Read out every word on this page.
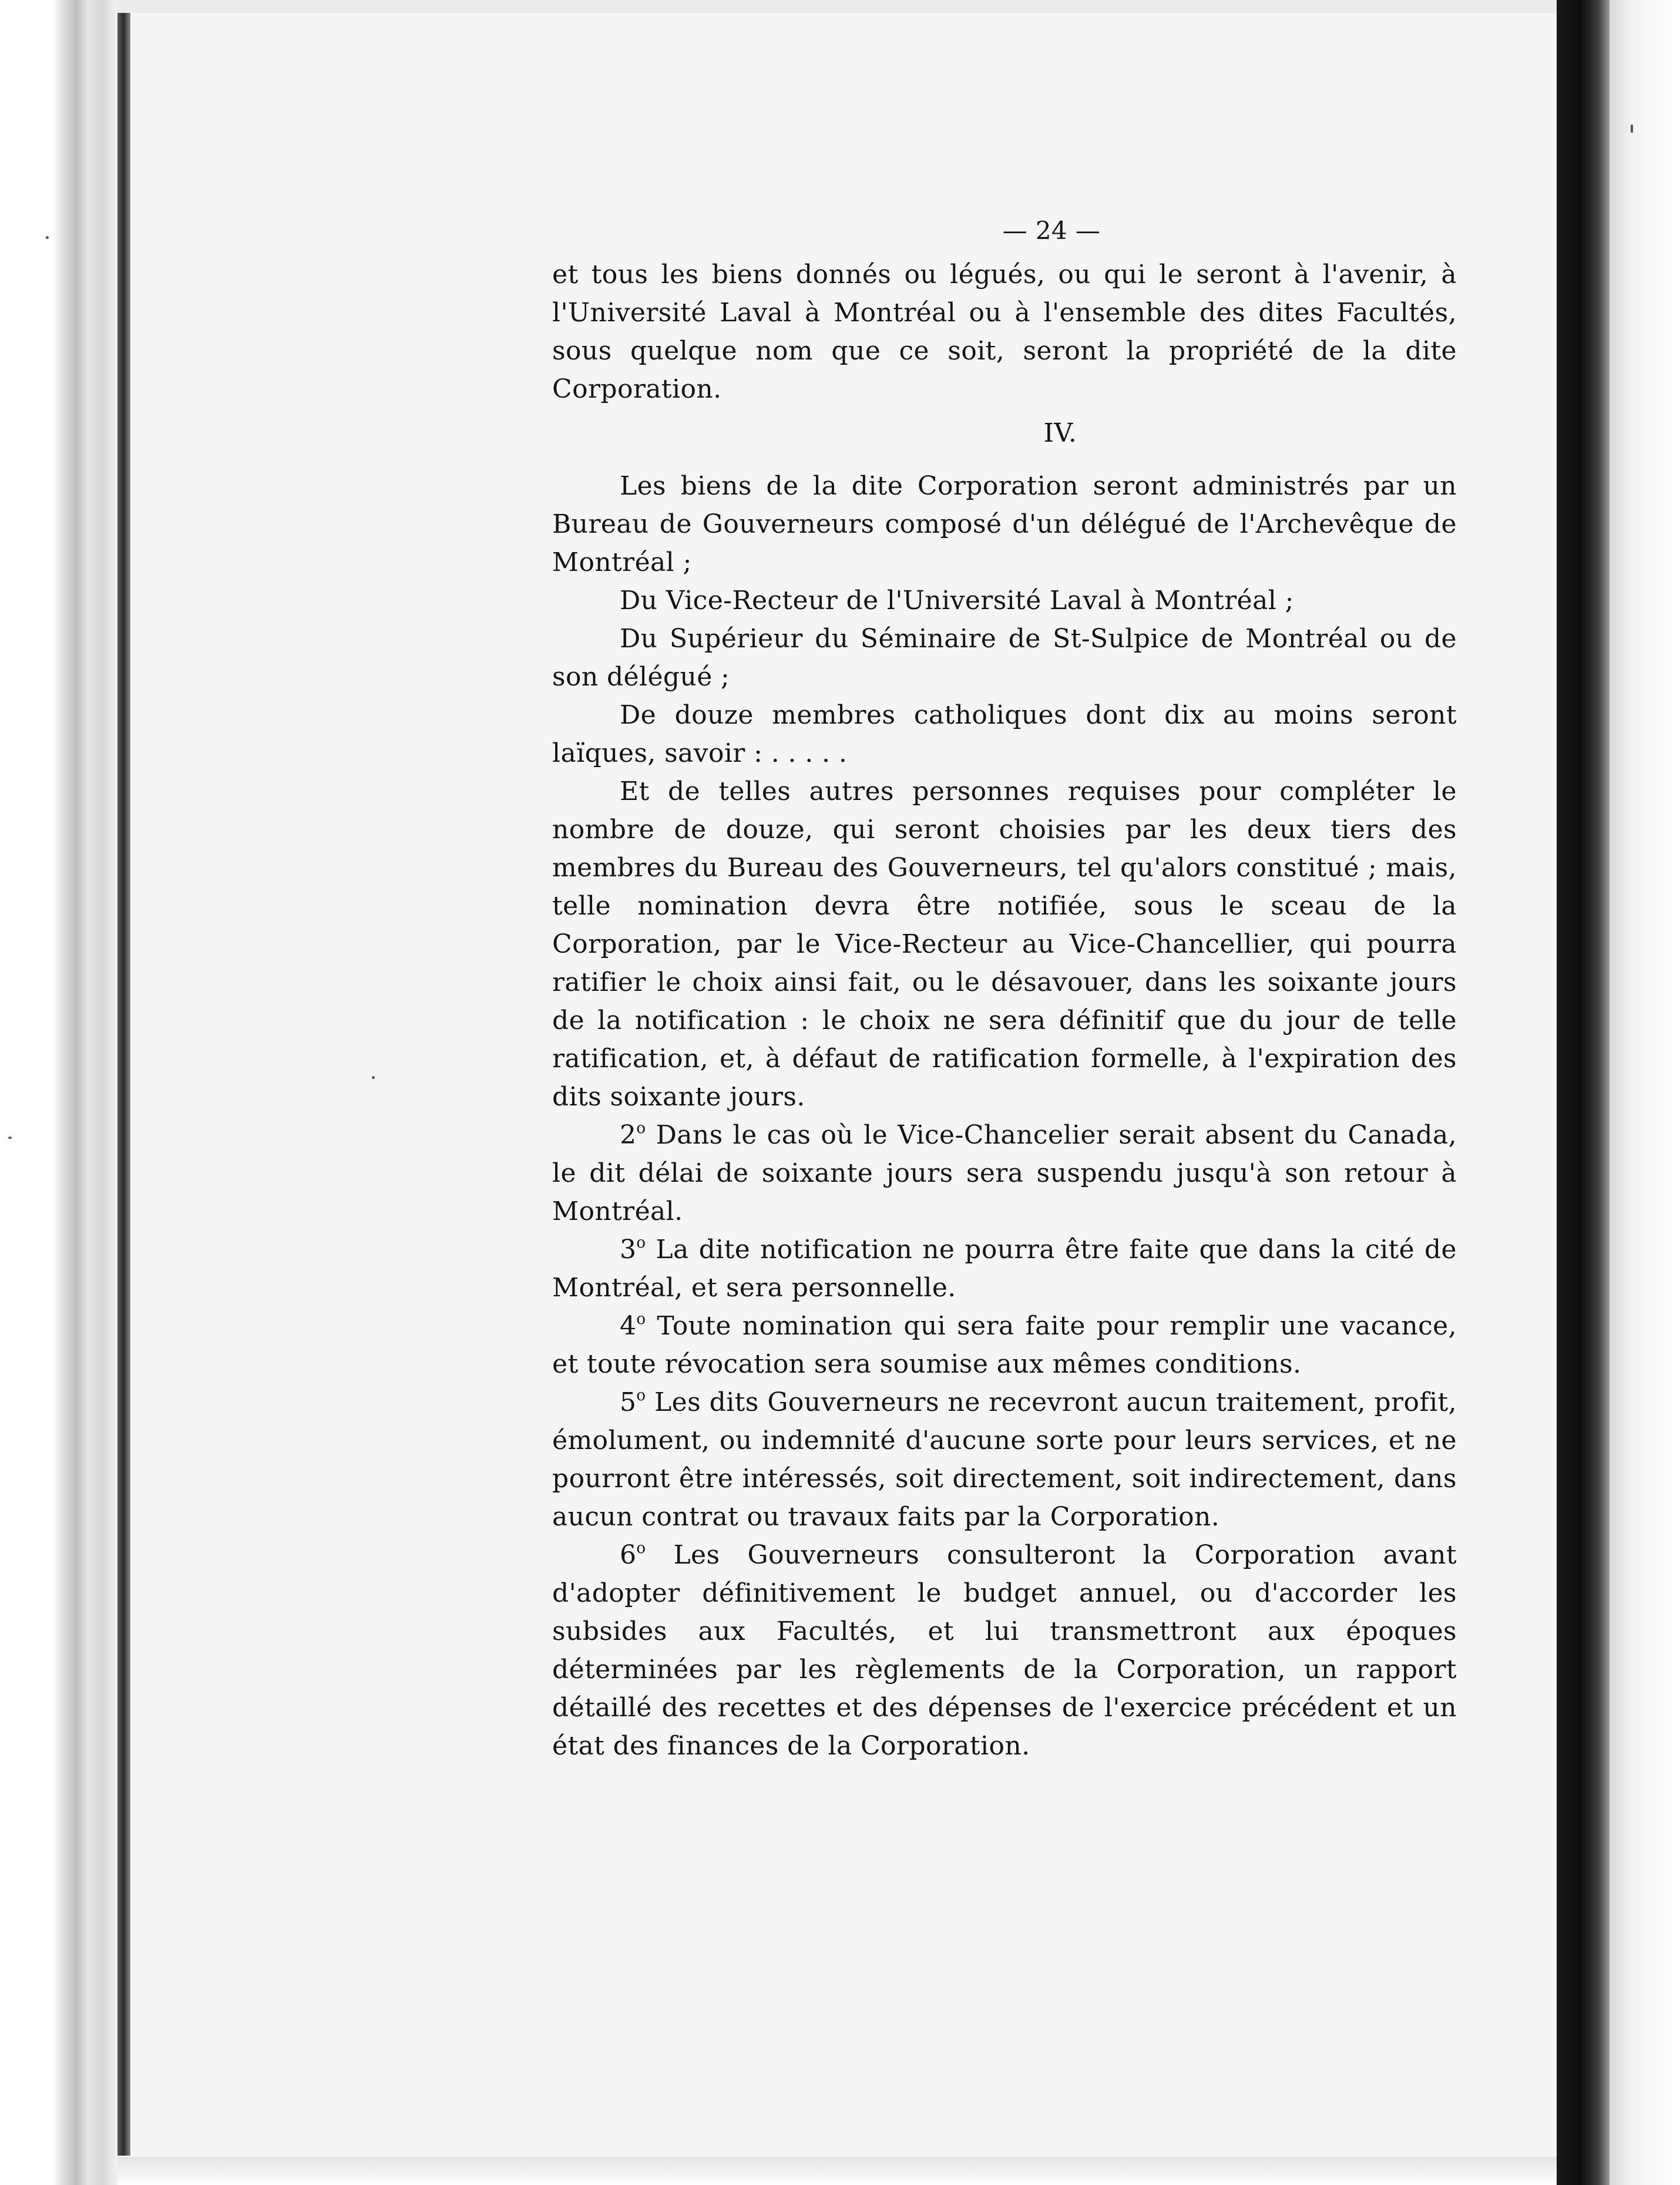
— 24 —

et tous les biens donnés ou légués, ou qui le seront à l'avenir, à l'Université Laval à Montréal ou à l'ensemble des dites Facultés, sous quelque nom que ce soit, seront la propriété de la dite Corporation.

IV.

Les biens de la dite Corporation seront administrés par un Bureau de Gouverneurs composé d'un délégué de l'Archevêque de Montréal ;

Du Vice-Recteur de l'Université Laval à Montréal ;

Du Supérieur du Séminaire de St-Sulpice de Montréal ou de son délégué ;

De douze membres catholiques dont dix au moins seront laïques, savoir : . . . . .

Et de telles autres personnes requises pour compléter le nombre de douze, qui seront choisies par les deux tiers des membres du Bureau des Gouverneurs, tel qu'alors constitué ; mais, telle nomination devra être notifiée, sous le sceau de la Corporation, par le Vice-Recteur au Vice-Chancellier, qui pourra ratifier le choix ainsi fait, ou le désavouer, dans les soixante jours de la notification : le choix ne sera définitif que du jour de telle ratification, et, à défaut de ratification formelle, à l'expiration des dits soixante jours.

2$^o$ Dans le cas où le Vice-Chancelier serait absent du Canada, le dit délai de soixante jours sera suspendu jusqu'à son retour à Montréal.

3$^o$ La dite notification ne pourra être faite que dans la cité de Montréal, et sera personnelle.

4$^o$ Toute nomination qui sera faite pour remplir une vacance, et toute révocation sera soumise aux mêmes conditions.

5$^o$ Les dits Gouverneurs ne recevront aucun traitement, profit, émolument, ou indemnité d'aucune sorte pour leurs services, et ne pourront être intéressés, soit directement, soit indirectement, dans aucun contrat ou travaux faits par la Corporation.

6$^o$ Les Gouverneurs consulteront la Corporation avant d'adopter définitivement le budget annuel, ou d'accorder les subsides aux Facultés, et lui transmettront aux époques déterminées par les règlements de la Corporation, un rapport détaillé des recettes et des dépenses de l'exercice précédent et un état des finances de la Corporation.
